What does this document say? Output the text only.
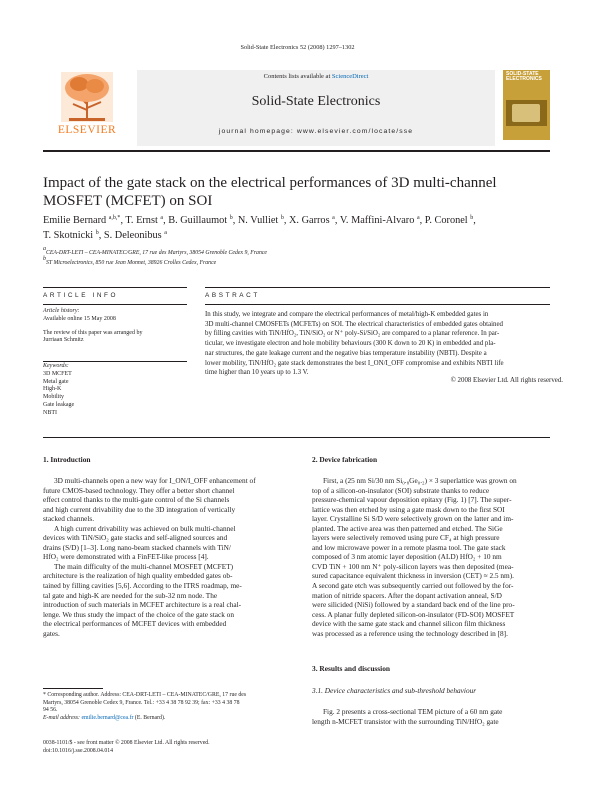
Solid-State Electronics 52 (2008) 1297–1302
ELSEVIER
Contents lists available at ScienceDirect
Solid-State Electronics
journal homepage: www.elsevier.com/locate/sse
SOLID-STATE ELECTRONICS
Impact of the gate stack on the electrical performances of 3D multi-channel
MOSFET (MCFET) on SOI
Emilie Bernard $^{a,b,*}$, T. Ernst $^a$, B. Guillaumot $^b$, N. Vulliet $^b$, X. Garros $^a$, V. Maffini-Alvaro $^a$, P. Coronel $^b$,
T. Skotnicki $^b$, S. Deleonibus $^a$
$^a$CEA-DRT-LETI – CEA-MINATEC/GRE, 17 rue des Martyrs, 38054 Grenoble Cedex 9, France
$^b$ST Microelectronics, 850 rue Jean Monnet, 38926 Crolles Cedex, France
ARTICLE INFO
Article history:
Available online 15 May 2008
The review of this paper was arranged by
Jurriaan Schmitz
Keywords:
3D MCFET
Metal gate
High-K
Mobility
Gate leakage
NBTI
ABSTRACT
In this study, we integrate and compare the electrical performances of metal/high-K embedded gates in
3D multi-channel CMOSFETs (MCFETs) on SOI. The electrical characteristics of embedded gates obtained
by filling cavities with TiN/HfO₂, TiN/SiO₂ or N⁺ poly-Si/SiO₂ are compared to a planar reference. In par-
ticular, we investigate electron and hole mobility behaviours (300 K down to 20 K) in embedded and pla-
nar structures, the gate leakage current and the negative bias temperature instability (NBTI). Despite a
lower mobility, TiN/HfO₂ gate stack demonstrates the best I_ON/I_OFF compromise and exhibits NBTI life
time higher than 10 years up to 1.3 V.
© 2008 Elsevier Ltd. All rights reserved.
1. Introduction
3D multi-channels open a new way for I_ON/I_OFF enhancement of
future CMOS-based technology. They offer a better short channel
effect control thanks to the multi-gate control of the Si channels
and high current drivability due to the 3D integration of vertically
stacked channels.
A high current drivability was achieved on bulk multi-channel
devices with TiN/SiO₂ gate stacks and self-aligned sources and
drains (S/D) [1–3]. Long nano-beam stacked channels with TiN/
HfO₂ were demonstrated with a FinFET-like process [4].
The main difficulty of the multi-channel MOSFET (MCFET)
architecture is the realization of high quality embedded gates ob-
tained by filling cavities [5,6]. According to the ITRS roadmap, me-
tal gate and high-K are needed for the sub-32 nm node. The
introduction of such materials in MCFET architecture is a real chal-
lenge. We thus study the impact of the choice of the gate stack on
the electrical performances of MCFET devices with embedded
gates.
* Corresponding author. Address: CEA-DRT-LETI – CEA-MINATEC/GRE, 17 rue des
Martyrs, 38054 Grenoble Cedex 9, France. Tel.: +33 4 38 78 92 39; fax: +33 4 38 78
94 56.
E-mail address: emilie.bernard@cea.fr (E. Bernard).
0038-1101/$ - see front matter © 2008 Elsevier Ltd. All rights reserved.
doi:10.1016/j.sse.2008.04.014
2. Device fabrication
First, a (25 nm Si/30 nm Si₀.₈Ge₀.₂) × 3 superlattice was grown on
top of a silicon-on-insulator (SOI) substrate thanks to reduce
pressure-chemical vapour deposition epitaxy (Fig. 1) [7]. The super-
lattice was then etched by using a gate mask down to the first SOI
layer. Crystalline Si S/D were selectively grown on the latter and im-
planted. The active area was then patterned and etched. The SiGe
layers were selectively removed using pure CF₄ at high pressure
and low microwave power in a remote plasma tool. The gate stack
composed of 3 nm atomic layer deposition (ALD) HfO₂ + 10 nm
CVD TiN + 100 nm N⁺ poly-silicon layers was then deposited (mea-
sured capacitance equivalent thickness in inversion (CET) ≈ 2.5 nm).
A second gate etch was subsequently carried out followed by the for-
mation of nitride spacers. After the dopant activation anneal, S/D
were silicided (NiSi) followed by a standard back end of the line pro-
cess. A planar fully depleted silicon-on-insulator (FD-SOI) MOSFET
device with the same gate stack and channel silicon film thickness
was processed as a reference using the technology described in [8].
3. Results and discussion
3.1. Device characteristics and sub-threshold behaviour
Fig. 2 presents a cross-sectional TEM picture of a 60 nm gate
length n-MCFET transistor with the surrounding TiN/HfO₂ gate
